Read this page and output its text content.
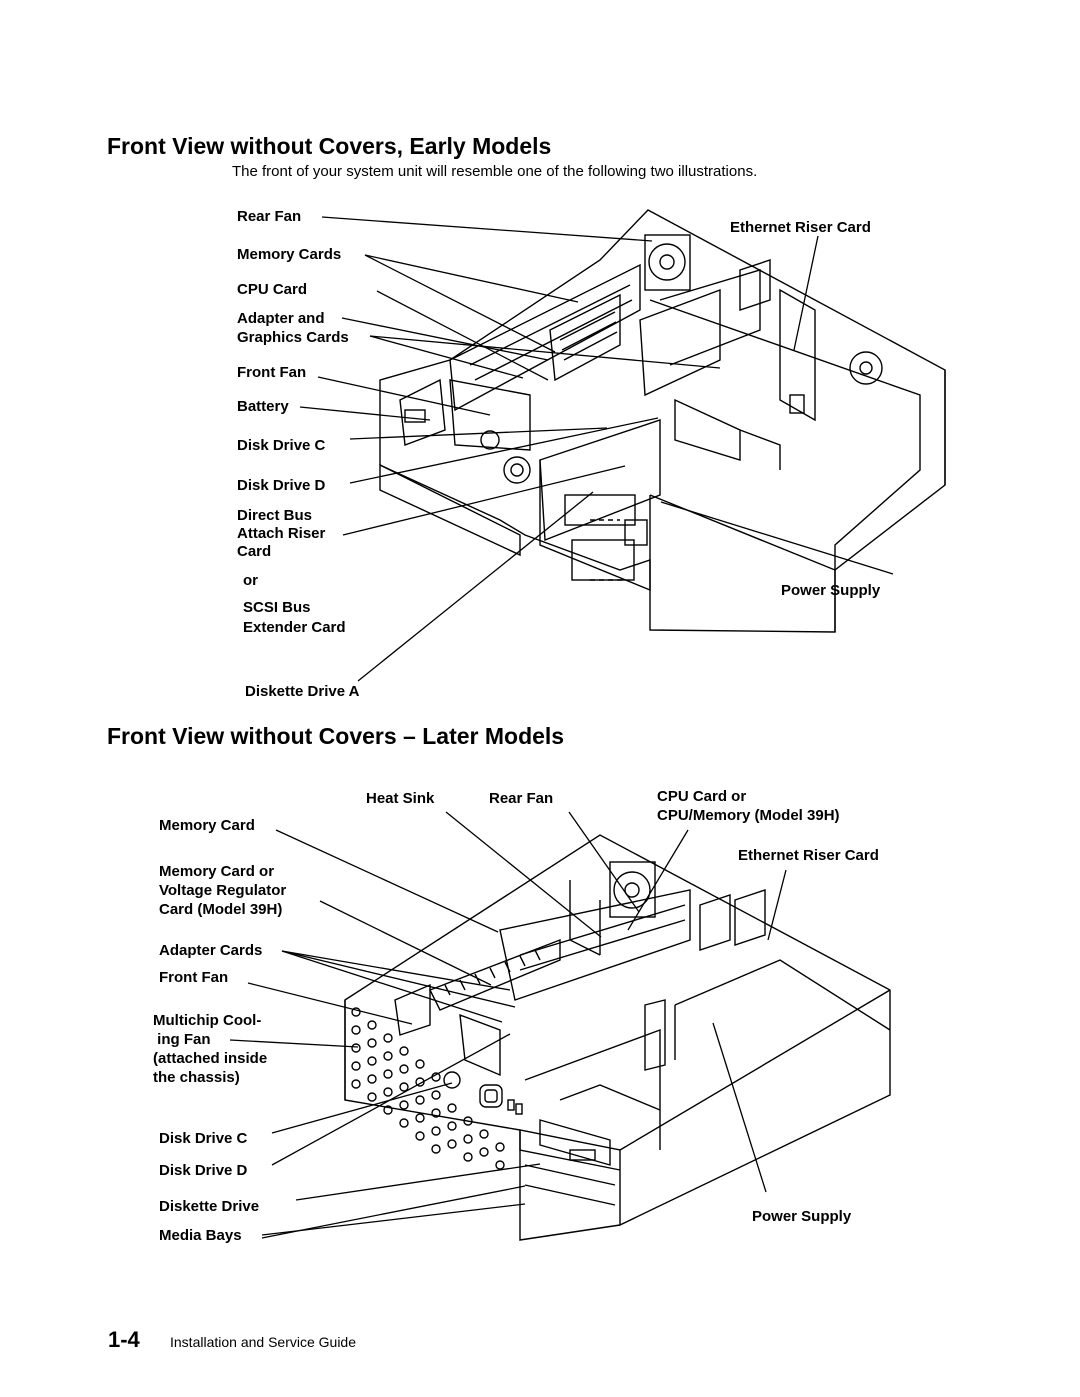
Front View without Covers, Early Models
The front of your system unit will resemble one of the following two illustrations.
Front View without Covers – Later Models
Rear Fan
Memory Cards
CPU Card
Adapter and
Graphics Cards
Front Fan
Battery
Disk Drive C
Disk Drive D
Direct Bus
Attach Riser
Card
or
SCSI Bus
Extender Card
Diskette Drive A
Ethernet Riser Card
Power Supply
Heat Sink	Rear Fan	CPU Card or
CPU/Memory (Model 39H)
Memory Card
Memory Card or
Voltage Regulator
Card (Model 39H)
Ethernet Riser Card
Adapter Cards
Front Fan
Multichip Cool-
ing Fan
(attached inside
the chassis)
Disk Drive C
Disk Drive D
Diskette Drive
Media Bays
Power Supply
1-4 Installation and Service Guide
